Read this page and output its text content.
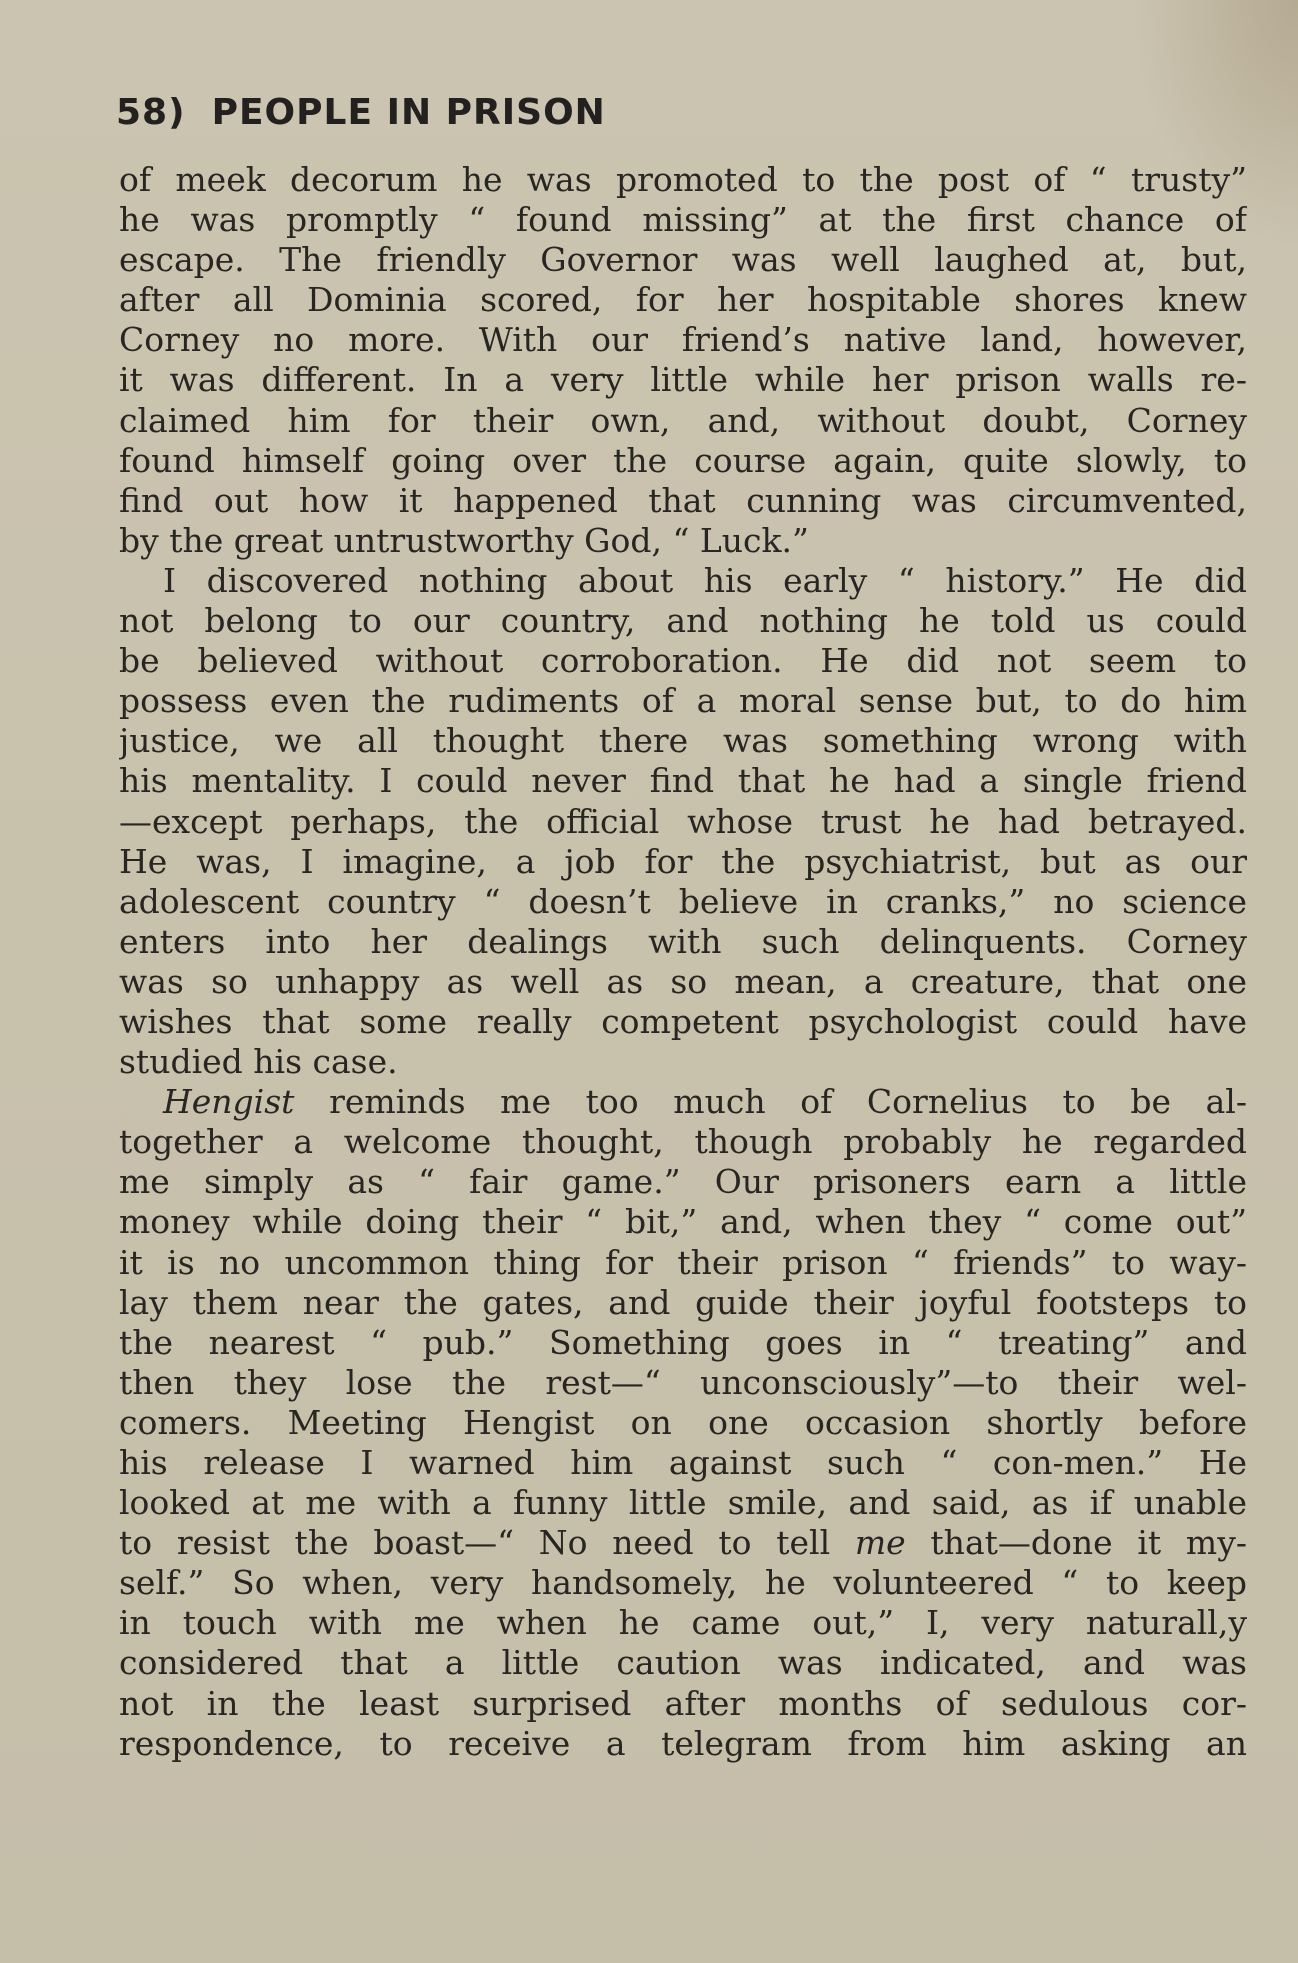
58) PEOPLE IN PRISON
of meek decorum he was promoted to the post of “ trusty”
he was promptly “ found missing” at the first chance of
escape. The friendly Governor was well laughed at, but,
after all Dominia scored, for her hospitable shores knew
Corney no more. With our friend’s native land, however,
it was different. In a very little while her prison walls re-
claimed him for their own, and, without doubt, Corney
found himself going over the course again, quite slowly, to
find out how it happened that cunning was circumvented,
by the great untrustworthy God, “ Luck.”
I discovered nothing about his early “ history.” He did
not belong to our country, and nothing he told us could
be believed without corroboration. He did not seem to
possess even the rudiments of a moral sense but, to do him
justice, we all thought there was something wrong with
his mentality. I could never find that he had a single friend
—except perhaps, the official whose trust he had betrayed.
He was, I imagine, a job for the psychiatrist, but as our
adolescent country “ doesn’t believe in cranks,” no science
enters into her dealings with such delinquents. Corney
was so unhappy as well as so mean, a creature, that one
wishes that some really competent psychologist could have
studied his case.
Hengist reminds me too much of Cornelius to be al-
together a welcome thought, though probably he regarded
me simply as “ fair game.” Our prisoners earn a little
money while doing their “ bit,” and, when they “ come out”
it is no uncommon thing for their prison “ friends” to way-
lay them near the gates, and guide their joyful footsteps to
the nearest “ pub.” Something goes in “ treating” and
then they lose the rest—“ unconsciously”—to their wel-
comers. Meeting Hengist on one occasion shortly before
his release I warned him against such “ con-men.” He
looked at me with a funny little smile, and said, as if unable
to resist the boast—“ No need to tell me that—done it my-
self.” So when, very handsomely, he volunteered “ to keep
in touch with me when he came out,” I, very naturall,y
considered that a little caution was indicated, and was
not in the least surprised after months of sedulous cor-
respondence, to receive a telegram from him asking an
